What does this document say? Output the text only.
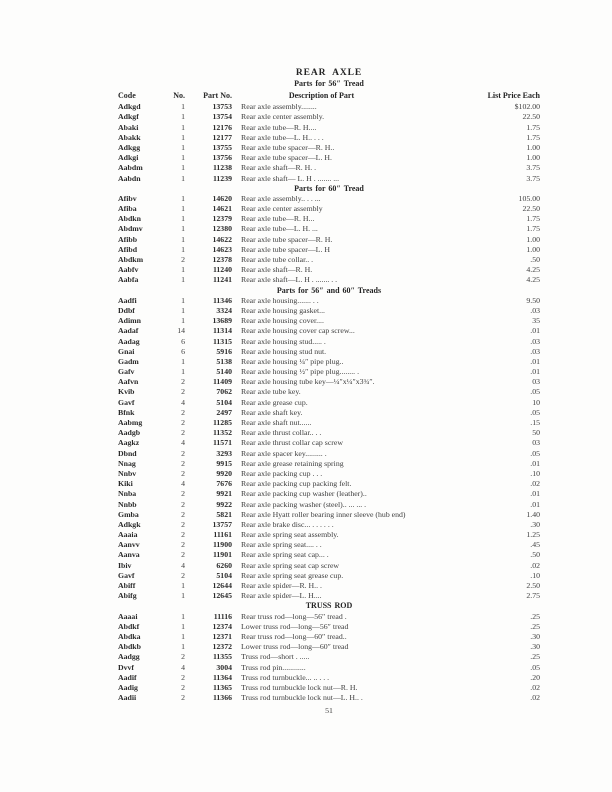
REAR AXLE
Parts for 56″ Tread
Code	No.	Part No.	Description of Part	List Price Each
Adkgd	1	13753 Rear axle assembly........	$102.00
Adkgf	1	13754 Rear axle center assembly.	22.50
Abaki	1	12176 Rear axle tube—R. H....	1.75
Abakk	1	12177 Rear axle tube—L. H.. . . .	1.75
Adkgg	1	13755 Rear axle tube spacer—R. H..	1.00
Adkgi	1	13756 Rear axle tube spacer—L. H.	1.00
Aabdm	1	11238 Rear axle shaft—R. H. .	3.75
Aabdn	1	11239 Rear axle shaft— L. H . ....... ...	3.75
Parts for 60″ Tread
Afibv	1	14620 Rear axle assembly.. . . ...	105.00
Afiba	1	14621 Rear axle center assembly	22.50
Abdkn	1	12379 Rear axle tube—R. H...	1.75
Abdmv	1	12380 Rear axle tube—L. H. ...	1.75
Afibb	1	14622 Rear axle tube spacer—R. H.	1.00
Afibd	1	14623 Rear axle tube spacer—L. H	1.00
Abdkm	2	12378 Rear axle tube collar.. .	.50
Aabfv	1	11240 Rear axle shaft—R. H.	4.25
Aabfa	1	11241 Rear axle shaft—L. H . ....... . .	4.25
Parts for 56″ and 60″ Treads
Aadfi	1	11346 Rear axle housing....... . .	9.50
Ddbf	1	3324 Rear axle housing gasket...	.03
Adimn	1	13689 Rear axle housing cover....	35
Aadaf	14	11314 Rear axle housing cover cap screw...	.01
Aadag	6	11315 Rear axle housing stud..... .	.03
Gnai	6	5916 Rear axle housing stud nut.	.03
Gadm	1	5138 Rear axle housing ¼″ pipe plug..	.01
Gafv	1	5140 Rear axle housing ½″ pipe plug........ .	.01
Aafvn	2	11409 Rear axle housing tube key—¼″x¼″x3¾″.	03
Kvib	2	7062 Rear axle tube key.	.05
Gavf	4	5104 Rear axle grease cup.	10
Bfnk	2	2497 Rear axle shaft key.	.05
Aabmg	2	11285 Rear axle shaft nut......	.15
Aadgb	2	11352 Rear axle thrust collar.. . .	50
Aagkz	4	11571 Rear axle thrust collar cap screw	03
Dbnd	2	3293 Rear axle spacer key......... .	.05
Nnag	2	9915 Rear axle grease retaining spring	.01
Nnbv	2	9920 Rear axle packing cup . . .	.10
Kiki	4	7676 Rear axle packing cup packing felt.	.02
Nnba	2	9921 Rear axle packing cup washer (leather)..	.01
Nnbb	2	9922 Rear axle packing washer (steel).. ... ... .	.01
Gmba	2	5821 Rear axle Hyatt roller bearing inner sleeve (hub end)	1.40
Adkgk	2	13757 Rear axle brake disc... . . . . . .	.30
Aaaia	2	11161 Rear axle spring seat assembly.	1.25
Aanvv	2	11900 Rear axle spring seat.... . .	.45
Aanva	2	11901 Rear axle spring seat cap... .	.50
Ibiv	4	6260 Rear axle spring seat cap screw	.02
Gavf	2	5104 Rear axle spring seat grease cup.	.10
Abiff	1	12644 Rear axle spider—R. H.. .	2.50
Abifg	1	12645 Rear axle spider—L. H....	2.75
TRUSS ROD
Aaaai	1	11116 Rear truss rod—long—56″ tread .	.25
Abdkf	1	12374 Lower truss rod—long—56″ tread	.25
Abdka	1	12371 Rear truss rod—long—60″ tread..	.30
Abdkb	1	12372 Lower truss rod—long—60″ tread	.30
Aadgg	2	11355 Truss rod—short . .....	.25
Dvvf	4	3004 Truss rod pin............	.05
Aadif	2	11364 Truss rod turnbuckle... .. . . .	.20
Aadig	2	11365 Truss rod turnbuckle lock nut—R. H.	.02
Aadii	2	11366 Truss rod turnbuckle lock nut—L. H.. .	.02
51
